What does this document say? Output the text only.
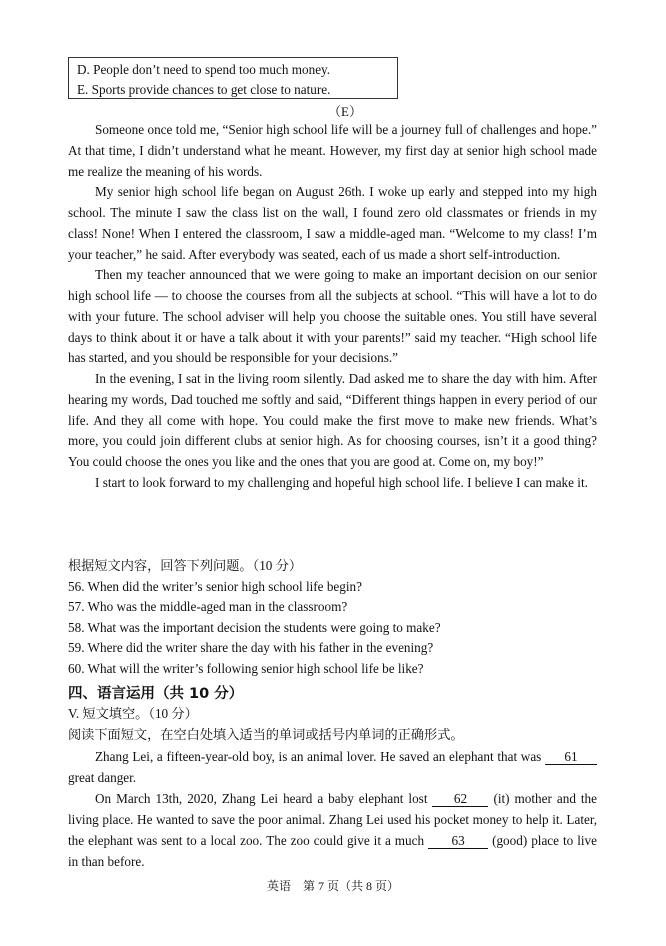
D. People don’t need to spend too much money.
E. Sports provide chances to get close to nature.
（E）

Someone once told me, “Senior high school life will be a journey full of challenges and hope.” At that time, I didn’t understand what he meant. However, my first day at senior high school made me realize the meaning of his words.

My senior high school life began on August 26th. I woke up early and stepped into my high school. The minute I saw the class list on the wall, I found zero old classmates or friends in my class! None! When I entered the classroom, I saw a middle-aged man. “Welcome to my class! I’m your teacher,” he said. After everybody was seated, each of us made a short self-introduction.

Then my teacher announced that we were going to make an important decision on our senior high school life — to choose the courses from all the subjects at school. “This will have a lot to do with your future. The school adviser will help you choose the suitable ones. You still have several days to think about it or have a talk about it with your parents!” said my teacher. “High school life has started, and you should be responsible for your decisions.”

In the evening, I sat in the living room silently. Dad asked me to share the day with him. After hearing my words, Dad touched me softly and said, “Different things happen in every period of our life. And they all come with hope. You could make the first move to make new friends. What’s more, you could join different clubs at senior high. As for choosing courses, isn’t it a good thing? You could choose the ones you like and the ones that you are good at. Come on, my boy!”

I start to look forward to my challenging and hopeful high school life. I believe I can make it.

根据短文内容，回答下列问题。（10 分）
56. When did the writer’s senior high school life begin?
57. Who was the middle-aged man in the classroom?
58. What was the important decision the students were going to make?
59. Where did the writer share the day with his father in the evening?
60. What will the writer’s following senior high school life be like?
四、语言运用（共 10 分）
V. 短文填空。（10 分）
阅读下面短文，在空白处填入适当的单词或括号内单词的正确形式。

Zhang Lei, a fifteen-year-old boy, is an animal lover. He saved an elephant that was 61 great danger.

On March 13th, 2020, Zhang Lei heard a baby elephant lost 62 (it) mother and the living place. He wanted to save the poor animal. Zhang Lei used his pocket money to help it. Later, the elephant was sent to a local zoo. The zoo could give it a much 63 (good) place to live in than before.

英语　第 7 页（共 8 页）
